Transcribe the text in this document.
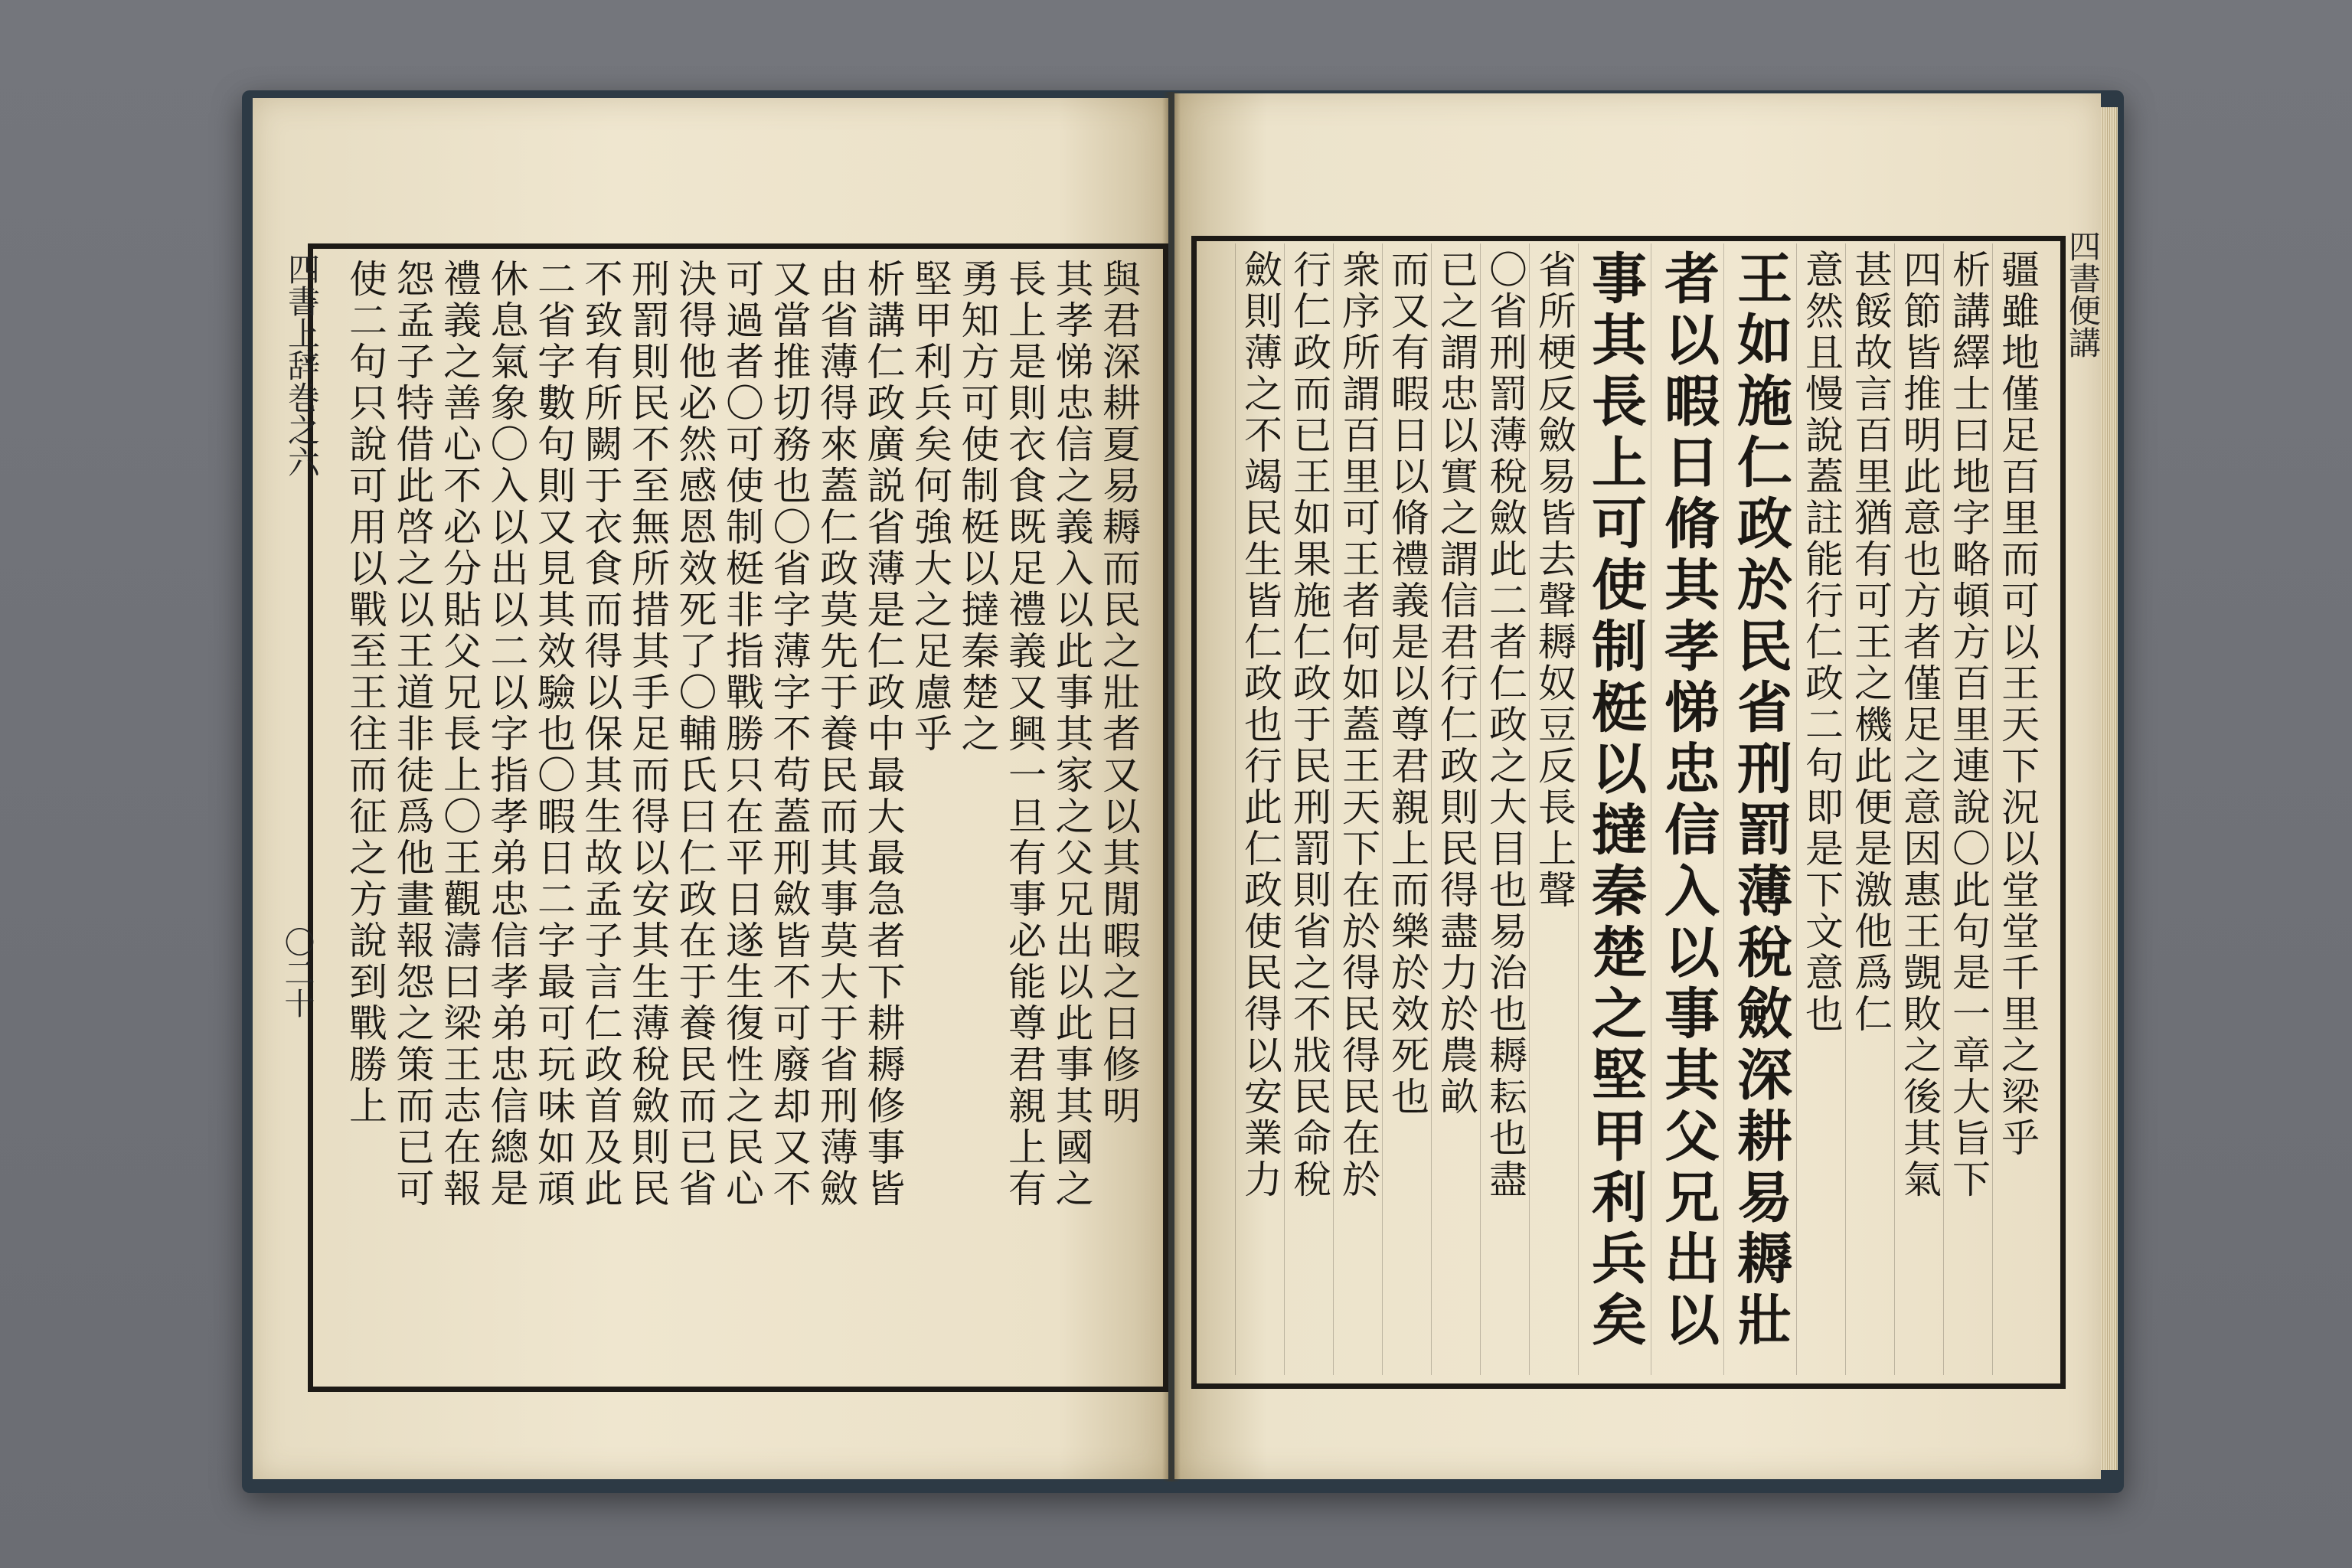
四書上辞巻之六
〇二十
四書便講
與君深耕夏易耨而民之壯者又以其閒暇之日修明
其孝悌忠信之義入以此事其家之父兄出以此事其國之
長上是則衣食既足禮義又興一旦有事必能尊君親上有
勇知方可使制梃以撻秦楚之
堅甲利兵矣何強大之足慮乎
析講仁政廣説省薄是仁政中最大最急者下耕耨修事皆
由省薄得來蓋仁政莫先于養民而其事莫大于省刑薄斂
又當推切務也〇省字薄字不苟蓋刑斂皆不可廢却又不
可過者〇可使制梃非指戰勝只在平日遂生復性之民心
決得他必然感恩效死了〇輔氏曰仁政在于養民而已省
刑罰則民不至無所措其手足而得以安其生薄稅斂則民
不致有所闕于衣食而得以保其生故孟子言仁政首及此
二省字數句則又見其效驗也〇暇日二字最可玩味如頑
休息氣象〇入以出以二以字指孝弟忠信孝弟忠信總是
禮義之善心不必分貼父兄長上〇王觀濤曰梁王志在報
怨孟子特借此啓之以王道非徒爲他畫報怨之策而已可
使二句只說可用以戰至王往而征之方說到戰勝上	疆雖地僅足百里而可以王天下況以堂堂千里之梁乎
析講繹士曰地字略頓方百里連說〇此句是一章大旨下
四節皆推明此意也方者僅足之意因惠王覬敗之後其氣
甚餒故言百里猶有可王之機此便是激他爲仁
意然且慢說蓋註能行仁政二句即是下文意也
王如施仁政於民省刑罰薄稅斂深耕易耨壯
者以暇日脩其孝悌忠信入以事其父兄出以
事其長上可使制梃以撻秦楚之堅甲利兵矣
省所梗反斂易皆去聲耨奴豆反長上聲
〇省刑罰薄稅斂此二者仁政之大目也易治也耨耘也盡
已之謂忠以實之謂信君行仁政則民得盡力於農畝
而又有暇日以脩禮義是以尊君親上而樂於效死也
衆序所謂百里可王者何如蓋王天下在於得民得民在於
行仁政而已王如果施仁政于民刑罰則省之不戕民命稅
斂則薄之不竭民生皆仁政也行此仁政使民得以安業力
